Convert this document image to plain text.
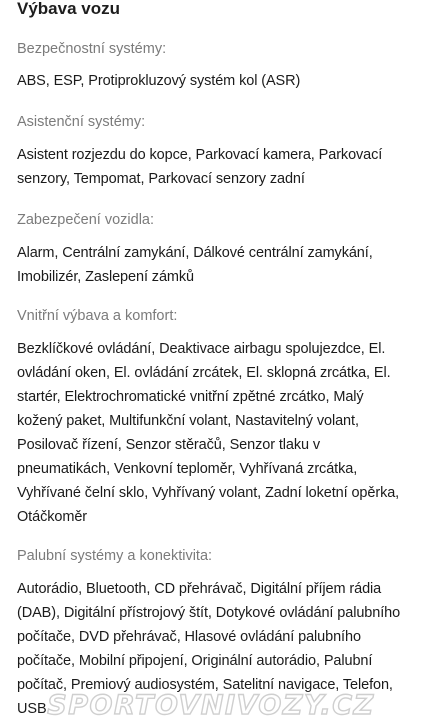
Výbava vozu

Bezpečnostní systémy:

ABS, ESP, Protiprokluzový systém kol (ASR)

Asistenční systémy:

Asistent rozjezdu do kopce, Parkovací kamera, Parkovací senzory, Tempomat, Parkovací senzory zadní

Zabezpečení vozidla:

Alarm, Centrální zamykání, Dálkové centrální zamykání, Imobilizér, Zaslepení zámků

Vnitřní výbava a komfort:

Bezklíčkové ovládání, Deaktivace airbagu spolujezdce, El. ovládání oken, El. ovládání zrcátek, El. sklopná zrcátka, El. startér, Elektrochromatické vnitřní zpětné zrcátko, Malý kožený paket, Multifunkční volant, Nastavitelný volant, Posilovač řízení, Senzor stěračů, Senzor tlaku v pneumatikách, Venkovní teploměr, Vyhřívaná zrcátka, Vyhřívané čelní sklo, Vyhřívaný volant, Zadní loketní opěrka, Otáčkoměr

Palubní systémy a konektivita:

Autorádio, Bluetooth, CD přehrávač, Digitální příjem rádia (DAB), Digitální přístrojový štít, Dotykové ovládání palubního počítače, DVD přehrávač, Hlasové ovládání palubního počítače, Mobilní připojení, Originální autorádio, Palubní počítač, Premiový audiosystém, Satelitní navigace, Telefon, USB SPORTOVNIVOZY.CZ
